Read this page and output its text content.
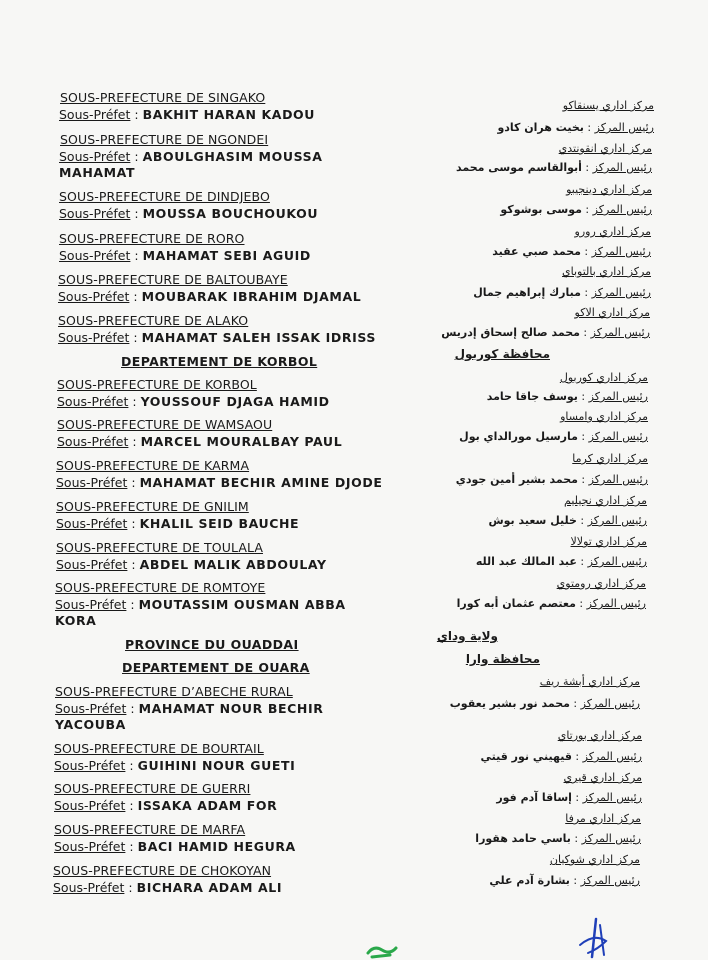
SOUS-PREFECTURE DE SINGAKO
Sous-Préfet : BAKHIT HARAN KADOU
SOUS-PREFECTURE DE NGONDEI
Sous-Préfet : ABOULGHASIM MOUSSA
MAHAMAT
SOUS-PREFECTURE DE DINDJEBO
Sous-Préfet : MOUSSA BOUCHOUKOU
SOUS-PREFECTURE DE RORO
Sous-Préfet : MAHAMAT SEBI AGUID
SOUS-PREFECTURE DE BALTOUBAYE
Sous-Préfet : MOUBARAK IBRAHIM DJAMAL
SOUS-PREFECTURE DE ALAKO
Sous-Préfet : MAHAMAT SALEH ISSAK IDRISS
DEPARTEMENT DE KORBOL
SOUS-PREFECTURE DE KORBOL
Sous-Préfet : YOUSSOUF DJAGA HAMID
SOUS-PREFECTURE DE WAMSAOU
Sous-Préfet : MARCEL MOURALBAY PAUL
SOUS-PREFECTURE DE KARMA
Sous-Préfet : MAHAMAT BECHIR AMINE DJODE
SOUS-PREFECTURE DE GNILIM
Sous-Préfet : KHALIL SEID BAUCHE
SOUS-PREFECTURE DE TOULALA
Sous-Préfet : ABDEL MALIK ABDOULAY
SOUS-PREFECTURE DE ROMTOYE
Sous-Préfet : MOUTASSIM OUSMAN ABBA
KORA
PROVINCE DU OUADDAI
DEPARTEMENT DE OUARA
SOUS-PREFECTURE D’ABECHE RURAL
Sous-Préfet : MAHAMAT NOUR BECHIR
YACOUBA
SOUS-PREFECTURE DE BOURTAIL
Sous-Préfet : GUIHINI NOUR GUETI
SOUS-PREFECTURE DE GUERRI
Sous-Préfet : ISSAKA ADAM FOR
SOUS-PREFECTURE DE MARFA
Sous-Préfet : BACI HAMID HEGURA
SOUS-PREFECTURE DE CHOKOYAN
Sous-Préfet : BICHARA ADAM ALI
مركز اداري يسنقاكو
رئيس المركز : بخيت هران كادو
مركز اداري انقونتدي
رئيس المركز : أبوالقاسم موسى محمد
مركز اداري دينجيبو
رئيس المركز : موسى بوشوكو
مركز اداري رورو
رئيس المركز : محمد صبي عقيد
مركز اداري بالتوباي
رئيس المركز : مبارك إبراهيم جمال
مركز اداري الاكو
رئيس المركز : محمد صالح إسحاق إدريس
محافظة كوربول
مركز اداري كوربول
رئيس المركز : يوسف جاقا حامد
مركز اداري وامساو
رئيس المركز : مارسيل مورالداي بول
مركز اداري كرما
رئيس المركز : محمد بشير أمين جودي
مركز اداري نجيليم
رئيس المركز : خليل سعيد بوش
مركز اداري تولالا
رئيس المركز : عبد المالك عبد الله
مركز اداري رومتوي
رئيس المركز : معتصم عثمان أبه كورا
ولاية وداي
محافظة وارا
مركز اداري أبشة ريف
رئيس المركز : محمد نور بشير يعقوب
مركز اداري بورتاي
رئيس المركز : قيهيني نور قيتي
مركز اداري قيري
رئيس المركز : إساقا آدم فور
مركز اداري مرفا
رئيس المركز : باسي حامد هقورا
مركز اداري شوكيان
رئيس المركز : بشارة آدم علي
